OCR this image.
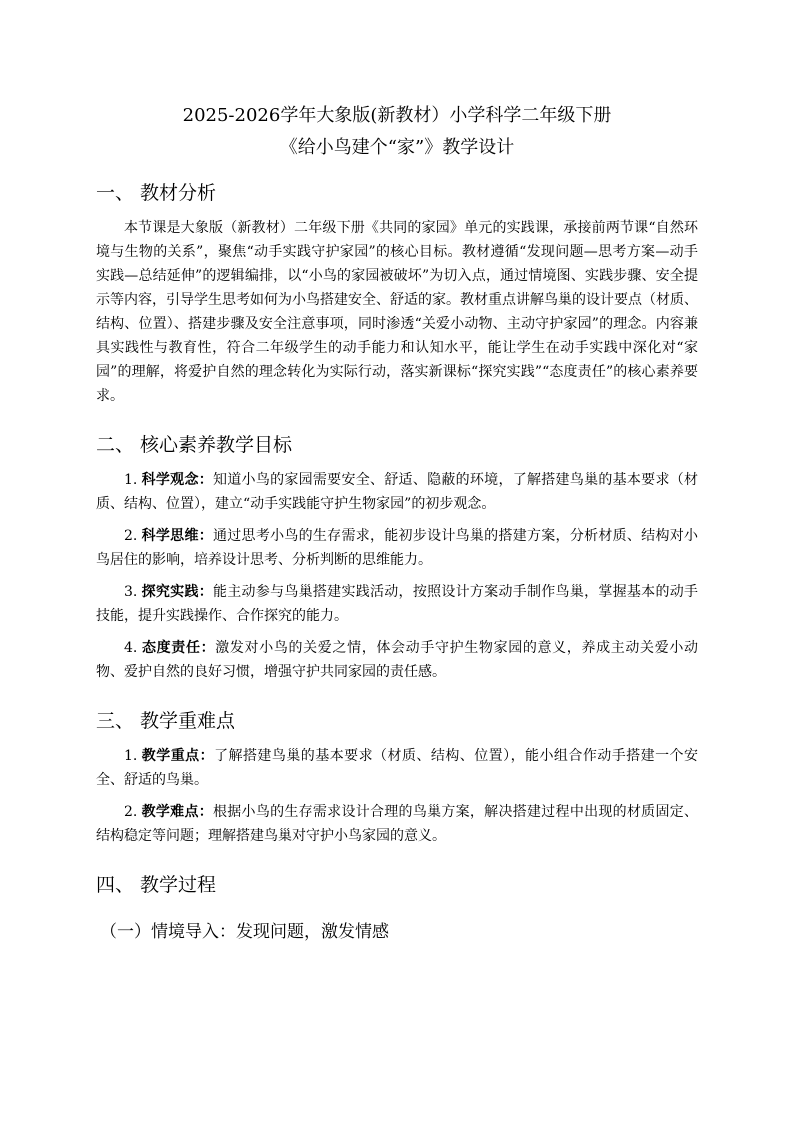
2025-2026学年大象版(新教材）小学科学二年级下册

《给小鸟建个“家”》教学设计

一、 教材分析

本节课是大象版（新教材）二年级下册《共同的家园》单元的实践课，承接前两节课“自然环境与生物的关系”，聚焦“动手实践守护家园”的核心目标。教材遵循“发现问题—思考方案—动手实践—总结延伸”的逻辑编排，以“小鸟的家园被破坏”为切入点，通过情境图、实践步骤、安全提示等内容，引导学生思考如何为小鸟搭建安全、舒适的家。教材重点讲解鸟巢的设计要点（材质、结构、位置）、搭建步骤及安全注意事项，同时渗透“关爱小动物、主动守护家园”的理念。内容兼具实践性与教育性，符合二年级学生的动手能力和认知水平，能让学生在动手实践中深化对“家园”的理解，将爱护自然的理念转化为实际行动，落实新课标“探究实践”“态度责任”的核心素养要求。

二、 核心素养教学目标

1. 科学观念：知道小鸟的家园需要安全、舒适、隐蔽的环境，了解搭建鸟巢的基本要求（材质、结构、位置），建立“动手实践能守护生物家园”的初步观念。

2. 科学思维：通过思考小鸟的生存需求，能初步设计鸟巢的搭建方案，分析材质、结构对小鸟居住的影响，培养设计思考、分析判断的思维能力。

3. 探究实践：能主动参与鸟巢搭建实践活动，按照设计方案动手制作鸟巢，掌握基本的动手技能，提升实践操作、合作探究的能力。

4. 态度责任：激发对小鸟的关爱之情，体会动手守护生物家园的意义，养成主动关爱小动物、爱护自然的良好习惯，增强守护共同家园的责任感。

三、 教学重难点

1. 教学重点：了解搭建鸟巢的基本要求（材质、结构、位置），能小组合作动手搭建一个安全、舒适的鸟巢。

2. 教学难点：根据小鸟的生存需求设计合理的鸟巢方案，解决搭建过程中出现的材质固定、结构稳定等问题；理解搭建鸟巢对守护小鸟家园的意义。

四、 教学过程
（一）情境导入：发现问题，激发情感
